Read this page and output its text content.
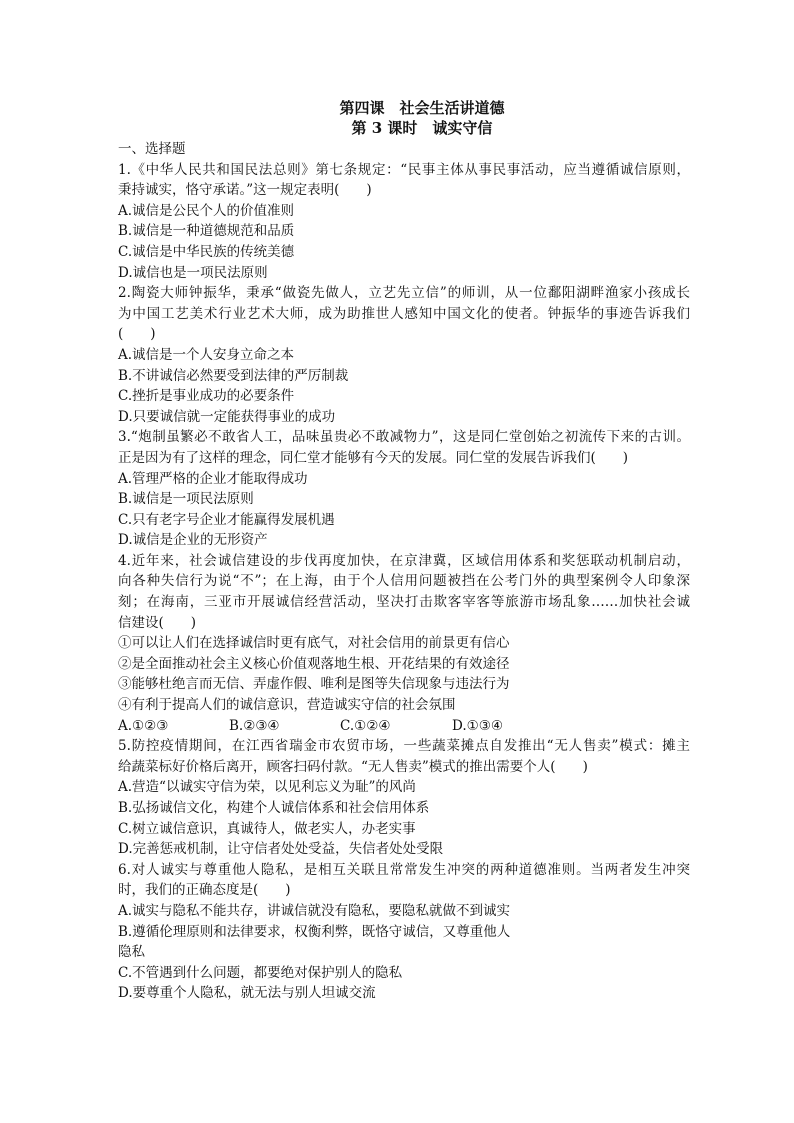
第四课　社会生活讲道德

第 3 课时　诚实守信

一、选择题

1.《中华人民共和国民法总则》第七条规定：“民事主体从事民事活动，应当遵循诚信原则，

秉持诚实，恪守承诺。”这一规定表明(　　)

A.诚信是公民个人的价值准则

B.诚信是一种道德规范和品质

C.诚信是中华民族的传统美德

D.诚信也是一项民法原则

2.陶瓷大师钟振华，秉承“做瓷先做人，立艺先立信”的师训，从一位鄱阳湖畔渔家小孩成长

为中国工艺美术行业艺术大师，成为助推世人感知中国文化的使者。钟振华的事迹告诉我们

(　　)

A.诚信是一个人安身立命之本

B.不讲诚信必然要受到法律的严厉制裁

C.挫折是事业成功的必要条件

D.只要诚信就一定能获得事业的成功

3.“炮制虽繁必不敢省人工，品味虽贵必不敢减物力”，这是同仁堂创始之初流传下来的古训。

正是因为有了这样的理念，同仁堂才能够有今天的发展。同仁堂的发展告诉我们(　　)

A.管理严格的企业才能取得成功

B.诚信是一项民法原则

C.只有老字号企业才能赢得发展机遇

D.诚信是企业的无形资产

4.近年来，社会诚信建设的步伐再度加快，在京津冀，区域信用体系和奖惩联动机制启动，

向各种失信行为说“不”；在上海，由于个人信用问题被挡在公考门外的典型案例令人印象深

刻；在海南，三亚市开展诚信经营活动，坚决打击欺客宰客等旅游市场乱象……加快社会诚

信建设(　　)

①可以让人们在选择诚信时更有底气，对社会信用的前景更有信心

②是全面推动社会主义核心价值观落地生根、开花结果的有效途径

③能够杜绝言而无信、弄虚作假、唯利是图等失信现象与违法行为

④有利于提高人们的诚信意识，营造诚实守信的社会氛围

A.①②③	B.②③④	C.①②④	D.①③④

5.防控疫情期间，在江西省瑞金市农贸市场，一些蔬菜摊点自发推出“无人售卖”模式：摊主

给蔬菜标好价格后离开，顾客扫码付款。“无人售卖”模式的推出需要个人(　　)

A.营造“以诚实守信为荣，以见利忘义为耻”的风尚

B.弘扬诚信文化，构建个人诚信体系和社会信用体系

C.树立诚信意识，真诚待人，做老实人，办老实事

D.完善惩戒机制，让守信者处处受益，失信者处处受限

6.对人诚实与尊重他人隐私，是相互关联且常常发生冲突的两种道德准则。当两者发生冲突

时，我们的正确态度是(　　)

A.诚实与隐私不能共存，讲诚信就没有隐私，要隐私就做不到诚实

B.遵循伦理原则和法律要求，权衡利弊，既恪守诚信，又尊重他人

隐私

C.不管遇到什么问题，都要绝对保护别人的隐私

D.要尊重个人隐私，就无法与别人坦诚交流
